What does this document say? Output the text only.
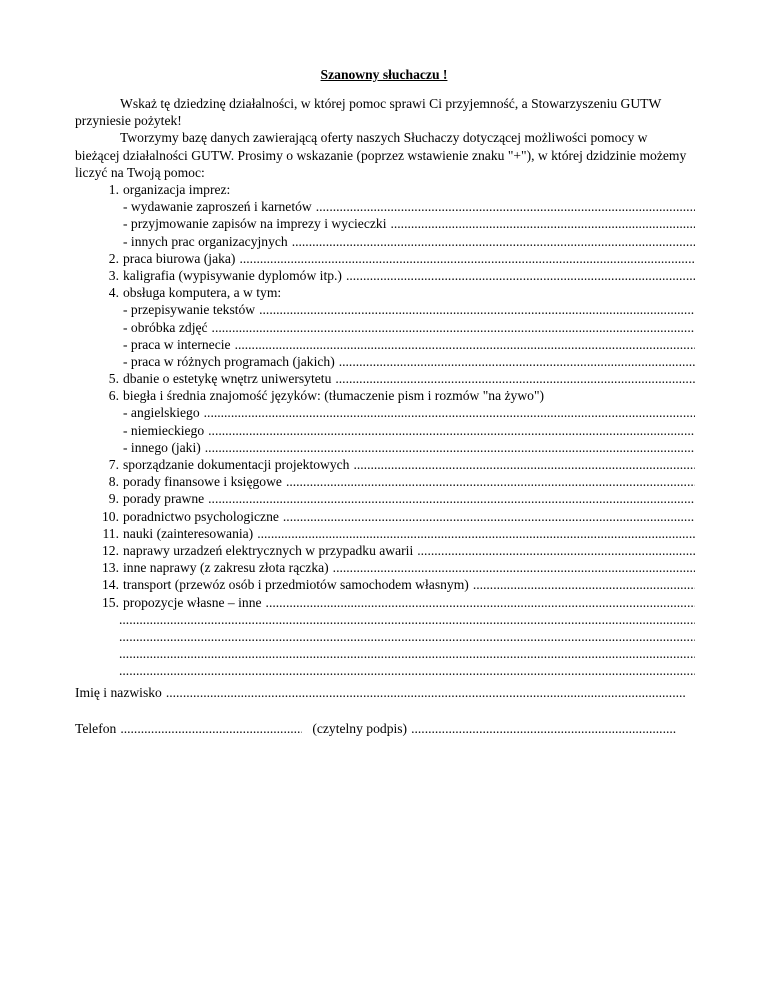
Szanowny słuchaczu !

Wskaż tę dziedzinę działalności, w której pomoc sprawi Ci przyjemność, a Stowarzyszeniu GUTW przyniesie pożytek!

Tworzymy bazę danych zawierającą oferty naszych Słuchaczy dotyczącej możliwości pomocy w bieżącej działalności GUTW. Prosimy o wskazanie (poprzez wstawienie znaku "+"), w której dzidzinie możemy liczyć na Twoją pomoc:

1. organizacja imprez:
- wydawanie zaproszeń i karnetów
.....
- przyjmowanie zapisów na imprezy i wycieczki
.....
- innych prac organizacyjnych
.....
2. praca biurowa (jaka)
.....
3. kaligrafia (wypisywanie dyplomów itp.)
.....
4. obsługa komputera, a w tym:
- przepisywanie tekstów
.....
- obróbka zdjęć
.....
- praca w internecie
.....
- praca w różnych programach (jakich)
.....
5. dbanie o estetykę wnętrz uniwersytetu
.....
6. biegła i średnia znajomość języków: (tłumaczenie pism i rozmów "na żywo")
- angielskiego
.....
- niemieckiego
.....
- innego (jaki)
.....
7. sporządzanie dokumentacji projektowych
.....
8. porady finansowe i księgowe
.....
9. porady prawne
.....
10. poradnictwo psychologiczne
.....
11. nauki (zainteresowania)
.....
12. naprawy urzadzeń elektrycznych w przypadku awarii
.....
13. inne naprawy (z zakresu złota rączka)
.....
14. transport (przewóz osób i przedmiotów samochodem własnym)
.....
15. propozycje własne – inne
.....
.....
.....
.....
.....
Imię i nazwisko
.....
Telefon
.....	(czytelny podpis)
.....
